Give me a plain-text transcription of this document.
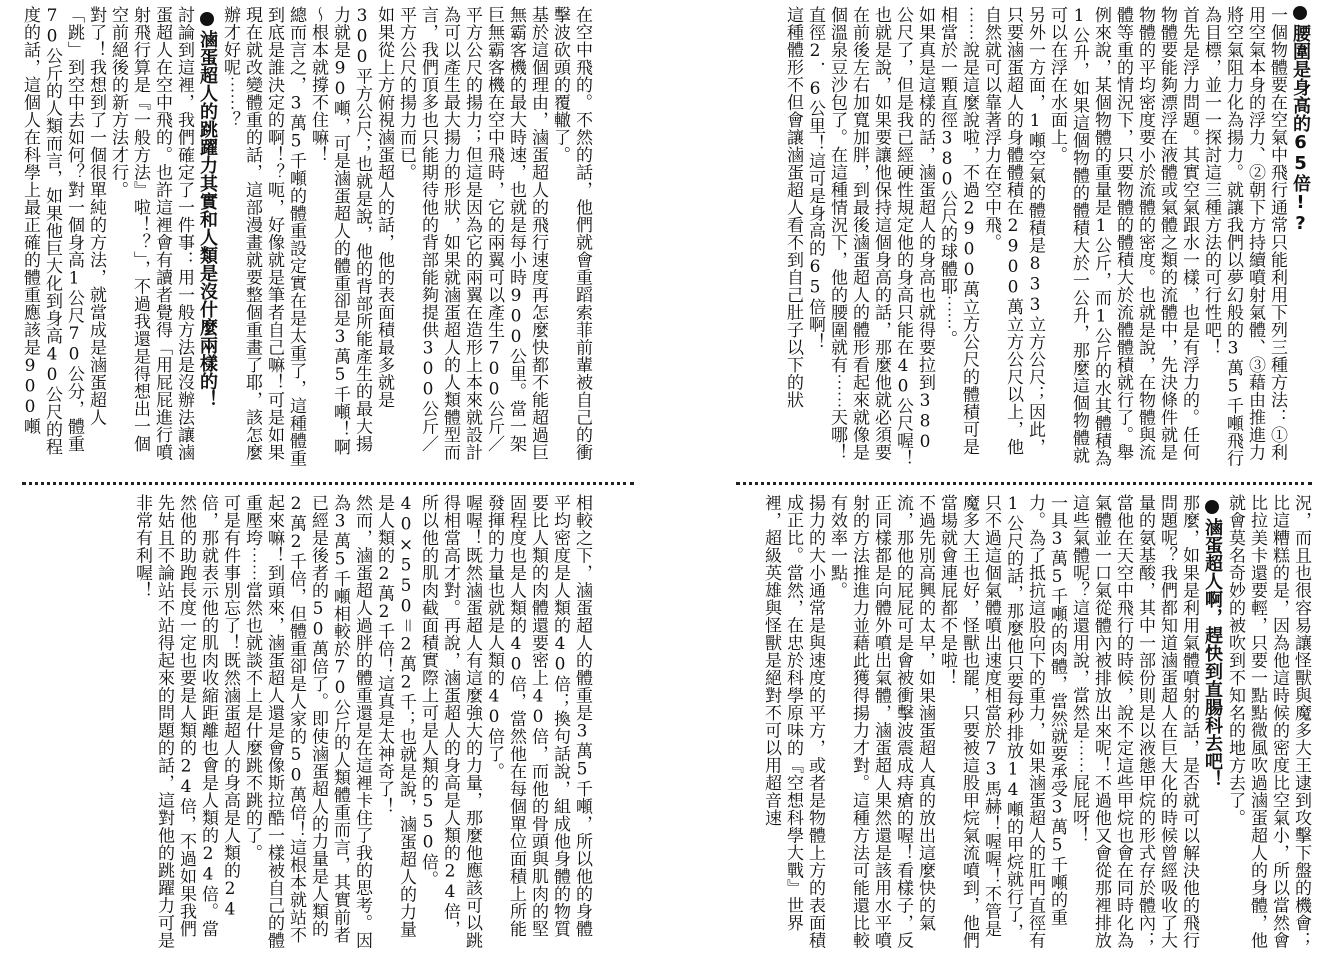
在空中飛的。不然的話，他們就會重蹈索菲前輩被自己的衝擊波砍頭的覆轍了。
基於這個理由，滷蛋超人的飛行速度再怎麼快都不能超過巨無霸客機的最大時速，也就是每小時900公里。當一架巨無霸客機在空中飛時，它的兩翼可以產生700公斤／平方公尺的揚力；但這是因為它的兩翼在造形上本來就設計為可以產生最大揚力的形狀，如果就滷蛋超人的人類體型而言，我們頂多也只能期待他的背部能夠提供300公斤／平方公尺的揚力而已。
如果從上方俯視滷蛋超人的話，他的表面積最多就是300平方公尺；也就是說，他的背部所能產生的最大揚力就是90噸，可是滷蛋超人的體重卻是3萬5千噸！啊～根本就撐不住嘛！
總而言之，3萬5千噸的體重設定實在是太重了，這種體重到底是誰決定的啊！？呃，好像就是筆者自己嘛！可是如果現在就改變體重的話，這部漫畫就要整個重畫了耶，該怎麼辦才好呢⋯⋯？
滷蛋超人的跳躍力其實和人類是沒什麼兩樣的！
討論到這裡，我們確定了一件事：用一般方法是沒辦法讓滷蛋超人在空中飛的。也許這裡會有讀者覺得「用屁屁進行噴射飛行算是『一般方法』啦！？」，不過我還是得想出一個空前絕後的新方法才行。
對了！我想到了一個很單純的方法，就當成是滷蛋超人「跳」到空中去如何？對一個身高1公尺70公分，體重70公斤的人類而言，如果他巨大化到身高40公尺的程度的話，這個人在科學上最正確的體重應該是900噸
相較之下，滷蛋超人的體重是3萬5千噸，所以他的身體平均密度是人類的40倍；換句話說，組成他身體的物質要比人類的肉體還要密上40倍，而他的骨頭與肌肉的堅固程度也是人類的40倍，當然他在每個單位面積上所能發揮的力量也就是人類的40倍了。
喔喔！既然滷蛋超人有這麼強大的力量，那麼他應該可以跳得相當高才對。再說，滷蛋超人的身高是人類的24倍，所以他的肌肉截面積實際上可是人類的550倍。40×550＝2萬2千；也就是說，滷蛋超人的力量是人類的2萬2千倍！這真是太神奇了！
然而，滷蛋超人過胖的體重還是在這裡卡住了我的思考。因為3萬5千噸相較於70公斤的人類體重而言，其實前者已經是後者的50萬倍了。即使滷蛋超人的力量是人類的2萬2千倍，但體重卻是人家的50萬倍！這根本就站不起來嘛！到頭來，滷蛋超人還是會像斯拉酷一樣被自己的體重壓垮⋯⋯當然也就談不上是什麼跳不跳的了。
可是有件事別忘了！既然滷蛋超人的身高是人類的24倍，那就表示他的肌肉收縮距離也會是人類的24倍。當然他的助跑長度一定也要是人類的24倍，不過如果我們先姑且不論站不站得起來的問題的話，這對他的跳躍力可是非常有利喔！
腰圍是身高的65倍!?
一個物體要在空氣中飛行通常只能利用下列三種方法：①利用空氣本身的浮力、②朝下方持續噴射氣體、③藉由推進力將空氣阻力化為揚力。就讓我們以夢幻般的3萬5千噸飛行為目標，並一一探討這三種方法的可行性吧！
首先是浮力問題。其實空氣跟水一樣，也是有浮力的。任何物體要能夠漂浮在液體或氣體之類的流體中，先決條件就是物體的平均密度要小於流體的密度。也就是說，在物體與流體等重的情況下，只要物體的體積大於流體體積就行了。舉例來說，某個物體的重量是1公斤，而1公斤的水其體積為1公升，如果這個物體的體積大於一公升，那麼這個物體就可以在浮在水面上。
另外一方面，1噸空氣的體積是833立方公尺；因此，只要滷蛋超人的身體體積在2900萬立方公尺以上，他自然就可以靠著浮力在空中飛。
⋯⋯說是這麼說啦，不過2900萬立方公尺的體積可是相當於一顆直徑380公尺的球體耶⋯⋯。
如果真是這樣的話，滷蛋超人的身高也就得要拉到380公尺了，但是我已經硬性規定他的身高只能在40公尺喔！也就是說，如果要讓他保持這個身高的話，那麼他就必須要在前後左右加寬加胖，到最後滷蛋超人的體形看起來就像是個溫泉豆沙包了。在這種情況下，他的腰圍就有⋯⋯天哪！直徑2．6公里！這可是身高的65倍啊！
這種體形不但會讓滷蛋超人看不到自己肚子以下的狀
況，而且也很容易讓怪獸與魔多大王逮到攻擊下盤的機會；比這糟糕的是，因為他這時候的密度比空氣小，所以當然會比拉美卡還要輕，只要一點點微風吹過滷蛋超人的身體，他就會莫名奇妙的被吹到不知名的地方去了。
滷蛋超人啊，趕快到直腸科去吧！
那麼，如果是利用氣體噴射的話，是否就可以解決他的飛行問題呢？我們都知道滷蛋超人在巨大化的時候曾經吸收了大量的氨基酸，其中一部份則是以液態甲烷的形式存於體內；當他在天空中飛行的時候，說不定這些甲烷也會在同時化為氣體並一口氣從體內被排放出來呢！不過他又會從那裡排放這些氣體呢？這還用說，當然是⋯⋯屁屁呀！
一具3萬5千噸的肉體，當然就要承受3萬5千噸的重力。為了抵抗這股向下的重力，如果滷蛋超人的肛門直徑有1公尺的話，那麼他只要每秒排放14噸的甲烷就行了，只不過這個氣體噴出速度相當於73馬赫！喔喔！不管是魔多大王也好，怪獸也罷，只要被這股甲烷氣流噴到，他們當場就會連屁都不是啦！
不過先別高興的太早，如果滷蛋超人真的放出這麼快的氣流，那他的屁屁可是會被衝擊波震成痔瘡的喔！看樣子，反正同樣都是向體外噴出氣體，滷蛋超人果然還是該用水平噴射的方法推進力並藉此獲得揚力才對。這種方法可能還比較有效率一點。
揚力的大小通常是與速度的平方，或者是物體上方的表面積成正比。當然，在忠於科學原味的『空想科學大戰』世界裡，超級英雄與怪獸是絕對不可以用超音速
